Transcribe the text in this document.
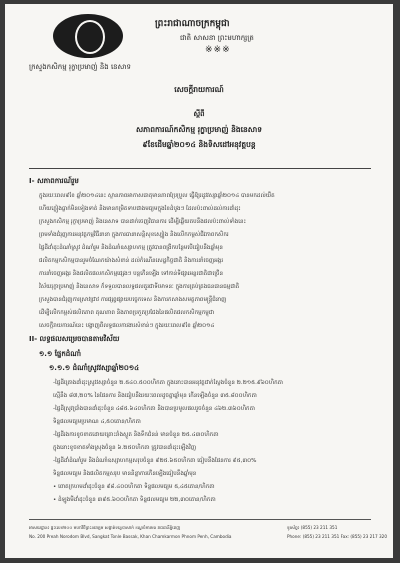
ក្រសួងកសិកម្ម រុក្ខាប្រមាញ់ និង នេសាទ
ព្រះរាជាណាចក្រកម្ពុជា
ជាតិ សាសនា ព្រះមហាក្សត្រ
※※※
សេចក្តីរាយការណ៍
ស្តីពី
សភាពការណ៍កសិកម្ម រុក្ខាប្រមាញ់ និងនេសាទ
៩ខែដើមឆ្នាំ២០១៤ និងទិសដៅអនុវត្តបន្ត
I- សភាពការណ៍រួម
ក្នុងរយៈពេល៩ខែ ឆ្នាំ២០១៤នេះ ស្ថានភាពអាកាសធាតុមានភាពប្រែប្រួល ធ្វើឱ្យរដូវវស្សាឆ្នាំ២០១៤ បានមកដល់យឺត
ហើយភ្លៀងធ្លាក់មិនទៀងទាត់ និងមានកម្រិតទាបជាងមធ្យមក្នុងខែដំបូងៗ ដែលប៉ះពាល់ដល់ការដាំដុះ
ក្រសួងកសិកម្ម រុក្ខាប្រមាញ់ និងនេសាទ បានដាក់ចេញវិធានការ ដើម្បីឆ្លើយតបនឹងផលប៉ះពាល់ទាំងនេះ
ព្រមទាំងជំរុញការអនុវត្តកម្មវិធីនានា ក្នុងការធានាសន្តិសុខស្បៀង និងលើកកម្ពស់ជីវភាពកសិករ
ផ្ទៃដីដាំដុះដំណាំស្រូវ ដំណាំរួម និងដំណាំឧស្សាហកម្ម ត្រូវបានពង្រីកបន្ថែមបើធៀបនឹងឆ្នាំមុន
ផលិតកម្មកសិកម្មបានរួមចំណែកយ៉ាងសំខាន់ ដល់កំណើនសេដ្ឋកិច្ចជាតិ និងការនាំចេញអង្ករ
ការនាំចេញអង្ករ និងផលិតផលកសិកម្មផ្សេងៗ បន្តកើនឡើង ទៅកាន់ទីផ្សារអន្តរជាតិជាច្រើន
វិស័យរុក្ខាប្រមាញ់ និងនេសាទ ក៏ទទួលបានលទ្ធផលគួរជាទីមោទនៈ ក្នុងការគ្រប់គ្រងធនធានធម្មជាតិ
ក្រសួងបានជំរុញការស្រាវជ្រាវ ការផ្សព្វផ្សាយបច្ចេកទេស និងការកសាងសមត្ថភាពមន្ត្រីជំនាញ
ដើម្បីលើកកម្ពស់ផលិតភាព គុណភាព និងភាពប្រកួតប្រជែងនៃផលិតផលកសិកម្មកម្ពុជា
សេចក្តីរាយការណ៍នេះ បង្ហាញពីលទ្ធផលការងារសំខាន់ៗ ក្នុងរយៈពេល៩ខែ ឆ្នាំ២០១៤
II- លទ្ធផលសម្រេចបានតាមវិស័យ
១.១ ផ្នែកដំណាំ
១.១.១ ដំណាំស្រូវវស្សាឆ្នាំ២០១៤
-ផ្ទៃដីគ្រោងដាំដុះស្រូវវស្សាចំនួន ២.៥៤០.៥០០ហិកតា ក្នុងនោះបានអនុវត្តជាក់ស្តែងចំនួន ២.២១៥.៩៦០ហិកតា
ស្មើនឹង ៨៧,២០% នៃផែនការ និងធៀបនឹងរយៈពេលដូចគ្នាឆ្នាំមុន កើនឡើងចំនួន ៣៥.៨០០ហិកតា
-ផ្ទៃដីស្រូវប្រាំងបានដាំដុះចំនួន ៤៨៥.៦៤០ហិកតា និងបានប្រមូលផលរួចចំនួន ៤៦២.៣៦០ហិកតា
ទិន្នផលមធ្យមប្រមាណ ៤,៥០តោន/ហិកតា
-ផ្ទៃដីរងការខូចខាតដោយគ្រោះរាំងស្ងួត និងទឹកជំនន់ មានចំនួន ២៥.៤៣០ហិកតា
ក្នុងនោះខូចខាតទាំងស្រុងចំនួន ៦.២៥០ហិកតា ត្រូវបានដាំដុះឡើងវិញ
-ផ្ទៃដីដាំដំណាំរួម និងដំណាំឧស្សាហកម្មសរុបចំនួន ៩២៥.៦៥០ហិកតា ធៀបនឹងផែនការ ៩៥,៣០%
ទិន្នផលមធ្យម និងផលិតកម្មសរុប មាននិន្នាការកើនឡើងធៀបនឹងឆ្នាំមុន
• ពោតក្រហមដាំដុះចំនួន ៩៨.៤០០ហិកតា ទិន្នផលមធ្យម ៥,៤៥តោន/ហិកតា
• ដំឡូងមីដាំដុះចំនួន ៣៩៥.៦០០ហិកតា ទិន្នផលមធ្យម ២២,៣០តោន/ហិកតា
អាសយដ្ឋាន៖ ផ្ទះលេខ២០០ មហាវិថីព្រះនរោត្តម សង្កាត់ទន្លេបាសាក់ ខណ្ឌចំការមន រាជធានីភ្នំពេញ
No. 200 Preah Norodom Blvd, Sangkat Tonle Bassak, Khan Chamkarmon Phnom Penh, Cambodia
ទូរស័ព្ទ៖ (855) 23 211 351
Phone: (855) 23 211 351 Fax: (855) 23 217 320
